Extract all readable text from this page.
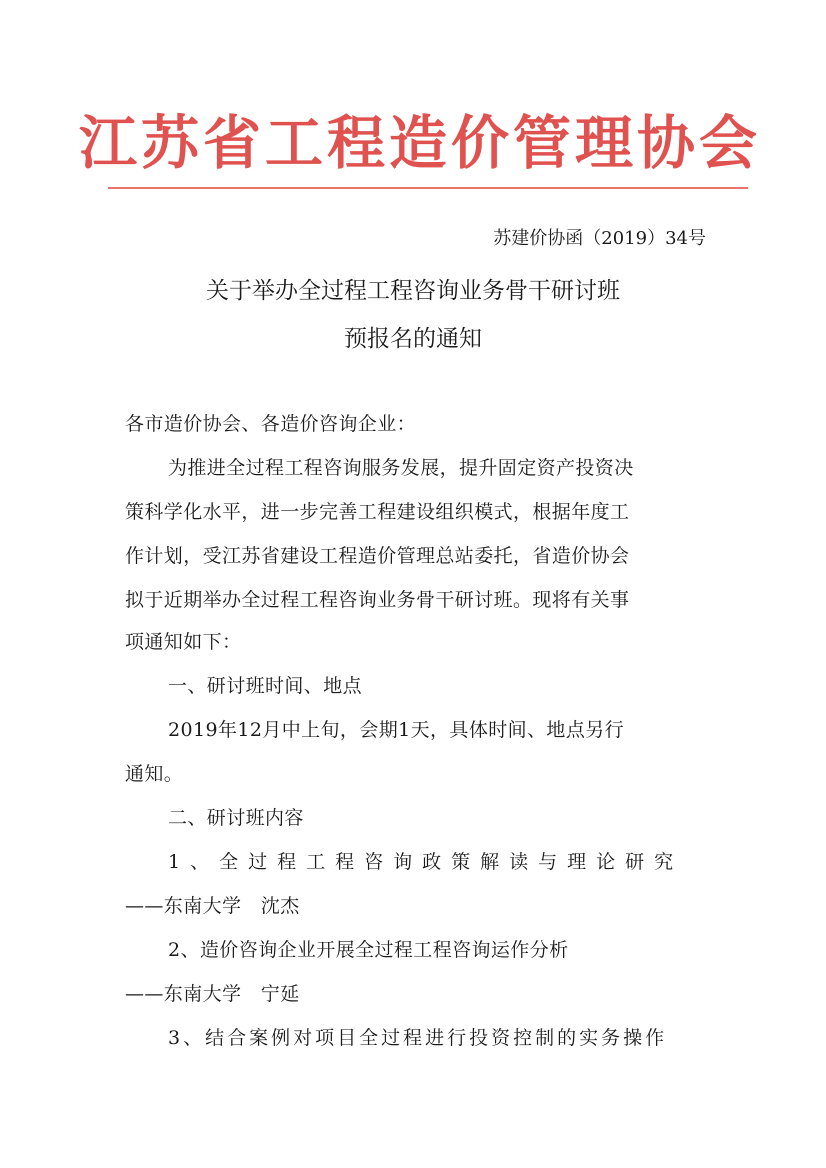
江苏省工程造价管理协会
苏建价协函（2019）34号
关于举办全过程工程咨询业务骨干研讨班
预报名的通知
各市造价协会、各造价咨询企业：
为推进全过程工程咨询服务发展，提升固定资产投资决
策科学化水平，进一步完善工程建设组织模式，根据年度工
作计划，受江苏省建设工程造价管理总站委托，省造价协会
拟于近期举办全过程工程咨询业务骨干研讨班。现将有关事
项通知如下：
一、研讨班时间、地点
2019年12月中上旬，会期1天，具体时间、地点另行
通知。
二、研讨班内容
1、全过程工程咨询政策解读与理论研究
——东南大学　沈杰
2、造价咨询企业开展全过程工程咨询运作分析
——东南大学　宁延
3、结合案例对项目全过程进行投资控制的实务操作
